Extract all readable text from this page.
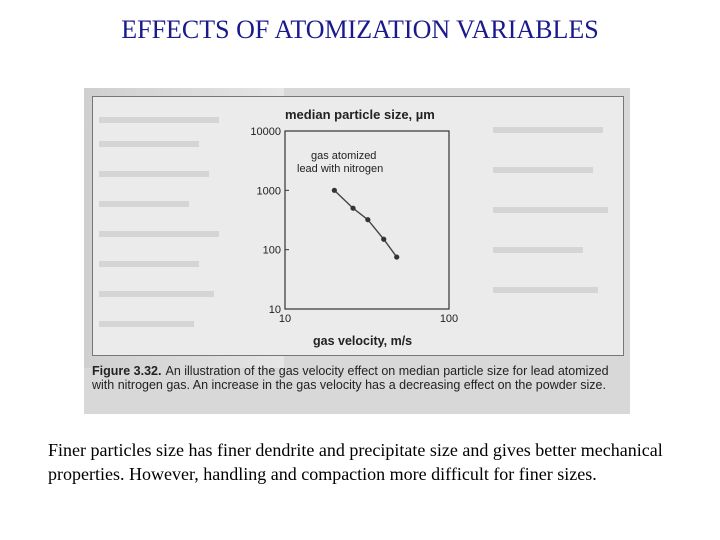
EFFECTS OF ATOMIZATION VARIABLES
median particle size, µm
gas atomized
lead with nitrogen
10
100
1000
10000
10	100
gas velocity, m/s
Figure 3.32. An illustration of the gas velocity effect on median particle size for lead atomized with nitrogen gas. An increase in the gas velocity has a decreasing effect on the powder size.
Finer particles size has finer dendrite and precipitate size and gives better mechanical properties. However, handling and compaction more difficult for finer sizes.
